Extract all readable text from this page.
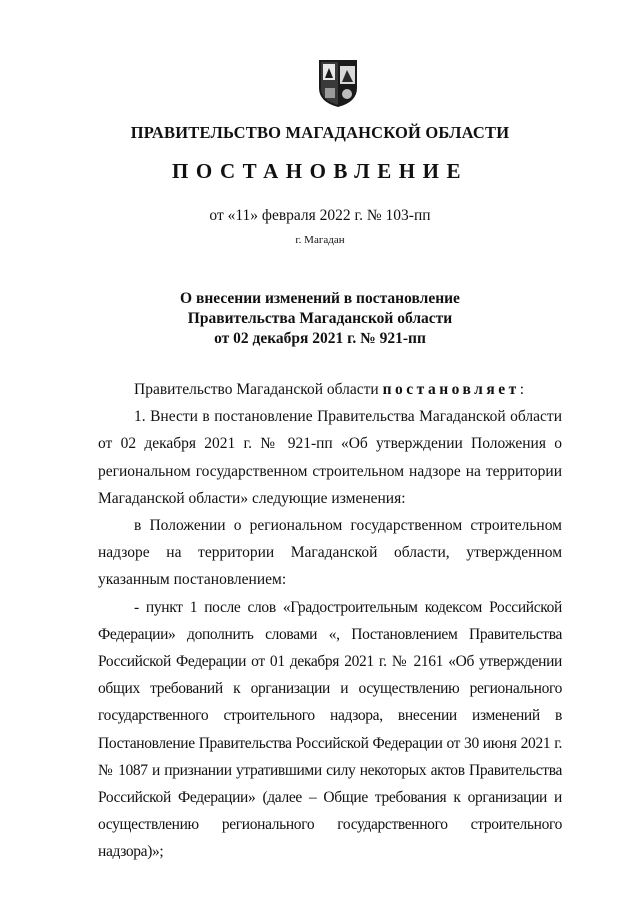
ПРАВИТЕЛЬСТВО МАГАДАНСКОЙ ОБЛАСТИ
ПОСТАНОВЛЕНИЕ
от «11» февраля 2022 г. № 103-пп
г. Магадан
О внесении изменений в постановление
Правительства Магаданской области
от 02 декабря 2021 г. № 921-пп

Правительство Магаданской области постановляет:

1. Внести в постановление Правительства Магаданской области от 02 декабря 2021 г. № 921-пп «Об утверждении Положения о региональном государственном строительном надзоре на территории Магаданской области» следующие изменения:

в Положении о региональном государственном строительном надзоре на территории Магаданской области, утвержденном указанным постановлением:

- пункт 1 после слов «Градостроительным кодексом Российской Федерации» дополнить словами «, Постановлением Правительства Российской Федерации от 01 декабря 2021 г. № 2161 «Об утверждении общих требований к организации и осуществлению регионального государственного строительного надзора, внесении изменений в Постановление Правительства Российской Федерации от 30 июня 2021 г. № 1087 и признании утратившими силу некоторых актов Правительства Российской Федерации» (далее – Общие требования к организации и осуществлению регионального государственного строительного надзора)»;
